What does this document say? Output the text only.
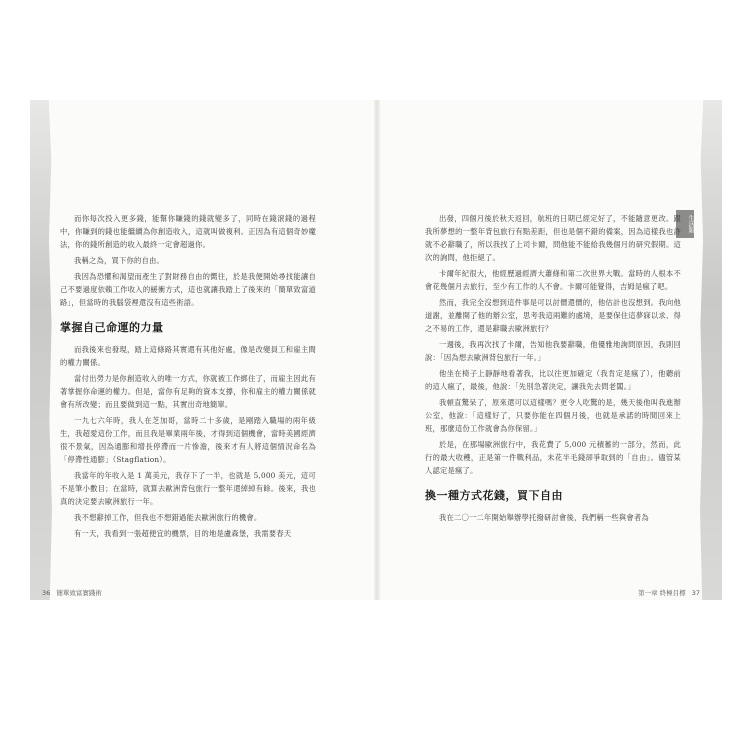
生活類

而你每次投入更多錢，能幫你賺錢的錢就變多了，同時在錢滾錢的過程中，你賺到的錢也能繼續為你創造收入，這就叫做複利。正因為有這個奇妙魔法，你的錢所創造的收入最終一定會超過你。

我稱之為，買下你的自由。

我因為恐懼和渴望而產生了對財務自由的嚮往，於是我便開始尋找能讓自己不要過度依賴工作收入的緩衝方式，這也就讓我踏上了後來的「簡單致富道路」，但當時的我腦袋裡還沒有這些術語。

掌握自己命運的力量

而我後來也發現，踏上這條路其實還有其他好處，像是改變員工和雇主間的權力關係。

當付出勞力是你創造收入的唯一方式，你就被工作綁住了，而雇主因此有著掌握你命運的權力。但是，當你有足夠的資本支撐，你和雇主的權力關係就會有所改變；而且要做到這一點，其實出奇地簡單。

一九七六年時，我人在芝加哥，當時二十多歲，是剛踏入職場的兩年級生，我超愛這份工作，而且我是畢業兩年後，才得到這個機會，當時美國經濟很不景氣，因為通膨和增長停滯而一片慘澹，後來才有人將這個情況命名為「停滯性通膨」（Stagflation）。

我當年的年收入是 1 萬美元，我存下了一半，也就是 5,000 美元，這可不是筆小數目；在當時，就算去歐洲背包旅行一整年還綽綽有餘。後來，我也真的決定要去歐洲旅行一年。

我不想辭掉工作，但我也不想錯過能去歐洲旅行的機會。

有一天，我看到一張超便宜的機票，目的地是盧森堡，我需要春天

出發，四個月後於秋天返回，航班的日期已經定好了，不能隨意更改。跟我所夢想的一整年背包旅行有點差距，但也是個不錯的備案，因為這樣我也許就不必辭職了，所以我找了上司卡爾，問他能不能給我幾個月的研究假期。這次的詢問，他拒絕了。

卡爾年紀很大，他經歷過經濟大蕭條和第二次世界大戰。當時的人根本不會花幾個月去旅行，至少有工作的人不會。卡爾可能覺得，吉姆是瘋了吧。

然而，我完全沒想到這件事是可以討價還價的，他估計也沒想到。我向他道謝，並離開了他的辦公室，思考我這兩難的處境，是要保住這夢寐以求、得之不易的工作，還是辭職去歐洲旅行？

一週後，我再次找了卡爾，告知他我要辭職，他優雅地詢問原因，我則回說：「因為想去歐洲背包旅行一年。」

他坐在椅子上靜靜地看著我，比以往更加確定（我肯定是瘋了），他聽前的這人瘋了，最後，他說：「先別急著決定，讓我先去問老闆。」

我頓直驚呆了，原來還可以這樣嗎？更令人吃驚的是，幾天後他叫我進辦公室，他說：「這樣好了，只要你能在四個月後，也就是承諾的時間回來上班，那麼這份工作就會為你保留。」

於是，在那場歐洲旅行中，我花費了 5,000 元積蓄的一部分，然而，此行的最大收穫，正是第一件戰利品，未花半毛錢卻爭取到的「自由」。儘管某人認定是瘋了。

換一種方式花錢，買下自由

我在二〇一二年開始舉辦學托撥研討會後，我們稱一些與會者為

36 簡單致富實踐術	第一章 終極目標 37
